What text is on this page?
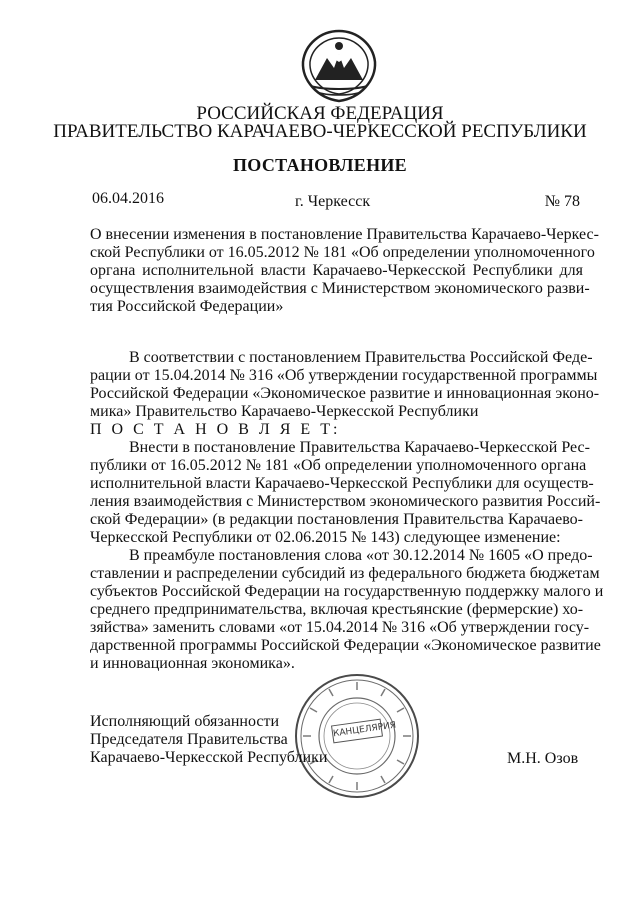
РОССИЙСКАЯ ФЕДЕРАЦИЯ
ПРАВИТЕЛЬСТВО КАРАЧАЕВО-ЧЕРКЕССКОЙ РЕСПУБЛИКИ
ПОСТАНОВЛЕНИЕ
06.04.2016	г. Черкесск	№ 78
О внесении изменения в постановление Правительства Карачаево-Черкес-
ской Республики от 16.05.2012 № 181 «Об определении уполномоченного
органа исполнительной власти Карачаево-Черкесской Республики для
осуществления взаимодействия с Министерством экономического разви-
тия Российской Федерации»
В соответствии с постановлением Правительства Российской Феде-
рации от 15.04.2014 № 316 «Об утверждении государственной программы
Российской Федерации «Экономическое развитие и инновационная эконо-
мика» Правительство Карачаево-Черкесской Республики
П О С Т А Н О В Л Я Е Т:
Внести в постановление Правительства Карачаево-Черкесской Рес-
публики от 16.05.2012 № 181 «Об определении уполномоченного органа
исполнительной власти Карачаево-Черкесской Республики для осуществ-
ления взаимодействия с Министерством экономического развития Россий-
ской Федерации» (в редакции постановления Правительства Карачаево-
Черкесской Республики от 02.06.2015 № 143) следующее изменение:
В преамбуле постановления слова «от 30.12.2014 № 1605 «О предо-
ставлении и распределении субсидий из федерального бюджета бюджетам
субъектов Российской Федерации на государственную поддержку малого и
среднего предпринимательства, включая крестьянские (фермерские) хо-
зяйства» заменить словами «от 15.04.2014 № 316 «Об утверждении госу-
дарственной программы Российской Федерации «Экономическое развитие
и инновационная экономика».
КАНЦЕЛЯРИЯ
Исполняющий обязанности
Председателя Правительства
Карачаево-Черкесской Республики	М.Н. Озов
